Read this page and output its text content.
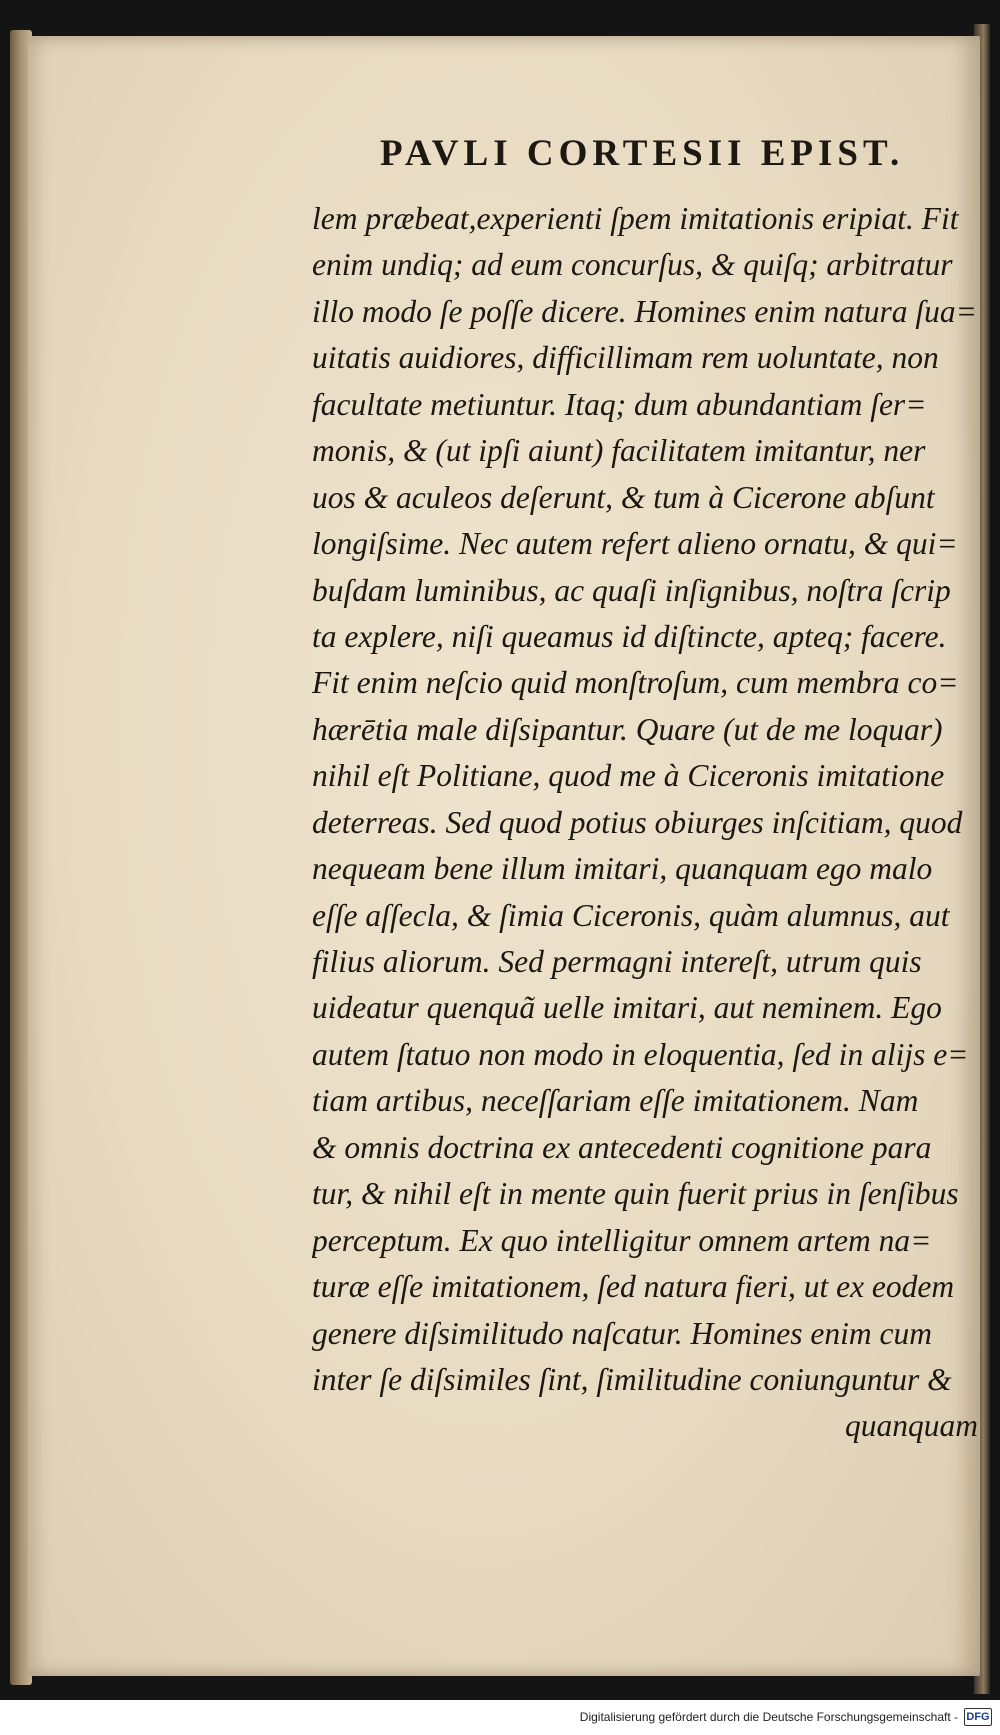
PAVLI CORTESII EPIST.
lem præbeat,experienti ſpem imitationis eripiat. Fit
enim undiq; ad eum concurſus, & quiſq; arbitratur
illo modo ſe poſſe dicere. Homines enim natura ſua=
uitatis auidiores, difficillimam rem uoluntate, non
facultate metiuntur. Itaq; dum abundantiam ſer=
monis, & (ut ipſi aiunt) facilitatem imitantur, ner
uos & aculeos deſerunt, & tum à Cicerone abſunt
longiſsime. Nec autem refert alieno ornatu, & qui=
buſdam luminibus, ac quaſi inſignibus, noſtra ſcrip
ta explere, niſi queamus id diſtincte, apteq; facere.
Fit enim neſcio quid monſtroſum, cum membra co=
hærētia male diſsipantur. Quare (ut de me loquar)
nihil eſt Politiane, quod me à Ciceronis imitatione
deterreas. Sed quod potius obiurges inſcitiam, quod
nequeam bene illum imitari, quanquam ego malo
eſſe aſſecla, & ſimia Ciceronis, quàm alumnus, aut
filius aliorum. Sed permagni intereſt, utrum quis
uideatur quenquã uelle imitari, aut neminem. Ego
autem ſtatuo non modo in eloquentia, ſed in alijs e=
tiam artibus, neceſſariam eſſe imitationem. Nam
& omnis doctrina ex antecedenti cognitione para
tur, & nihil eſt in mente quin fuerit prius in ſenſibus
perceptum. Ex quo intelligitur omnem artem na=
turæ eſſe imitationem, ſed natura fieri, ut ex eodem
genere diſsimilitudo naſcatur. Homines enim cum
inter ſe diſsimiles ſint, ſimilitudine coniunguntur &
quanquam
Digitalisierung gefördert durch die Deutsche Forschungsgemeinschaft - DFG
